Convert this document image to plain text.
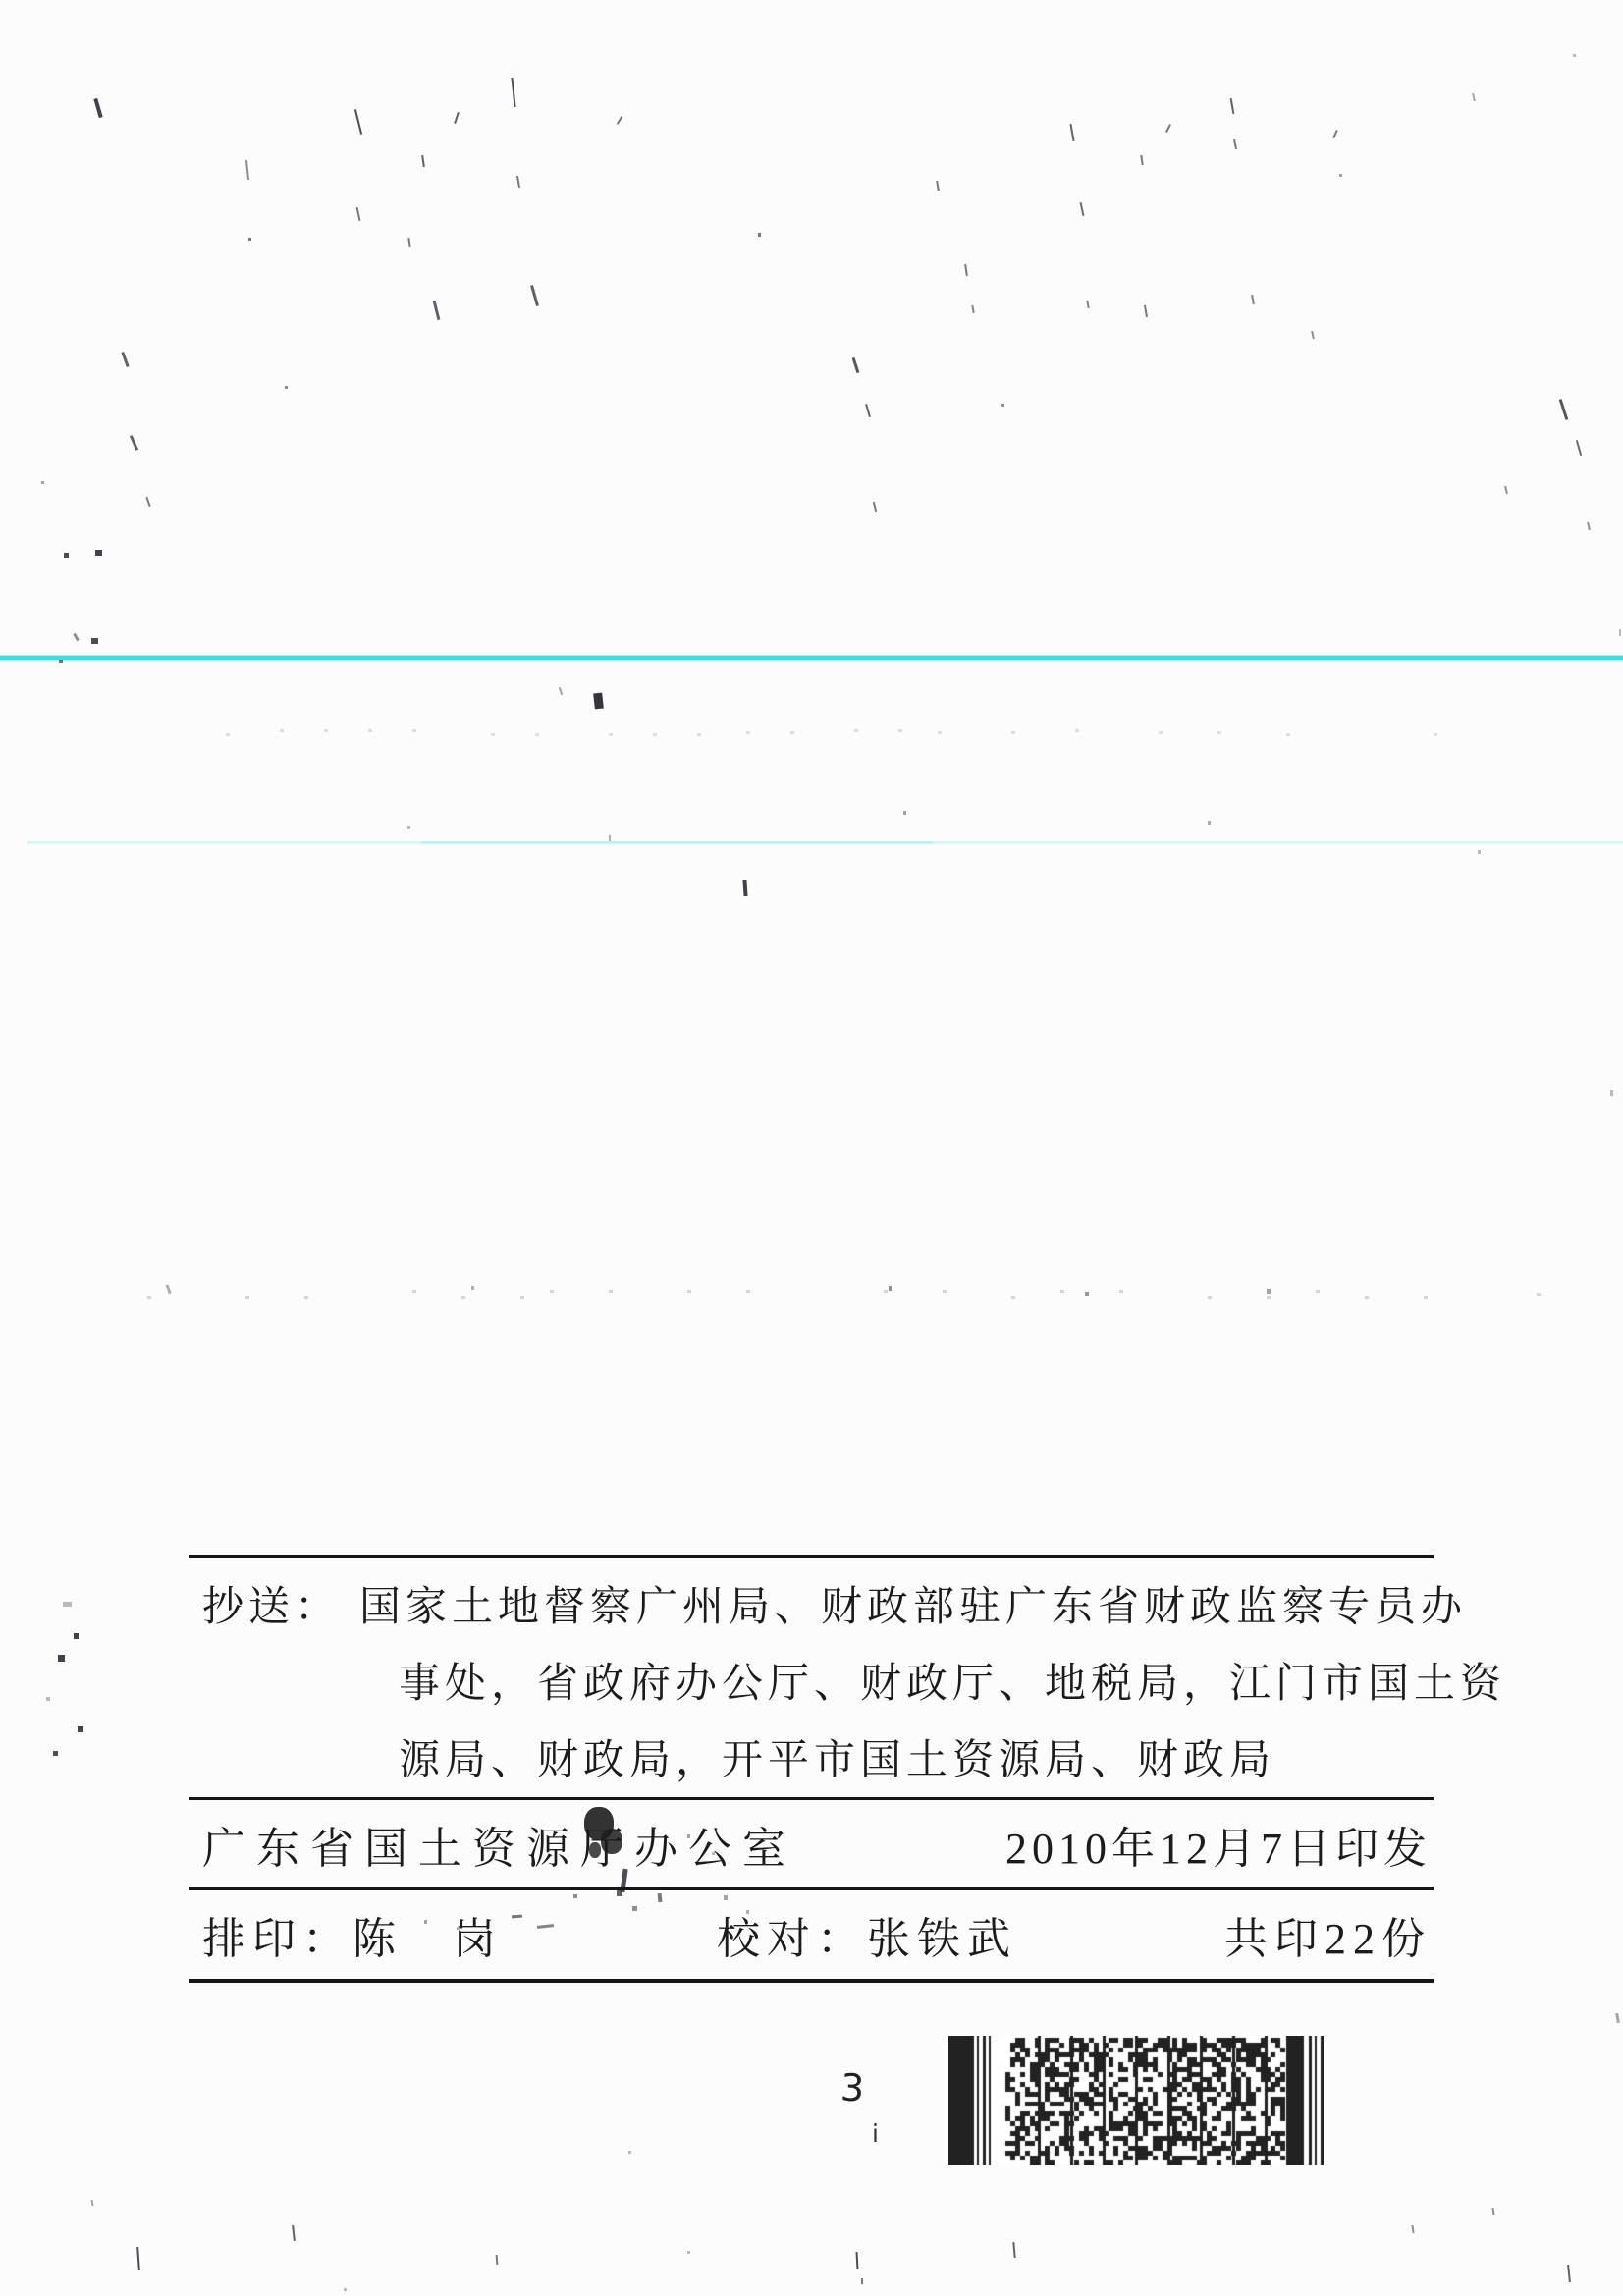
抄送： 国家土地督察广州局、财政部驻广东省财政监察专员办
事处，省政府办公厅、财政厅、地税局，江门市国土资
源局、财政局，开平市国土资源局、财政局
广东省国土资源厅办公室	2010年12月7日印发
排印：陈　岗	校对：张铁武	共印22份
3
i
